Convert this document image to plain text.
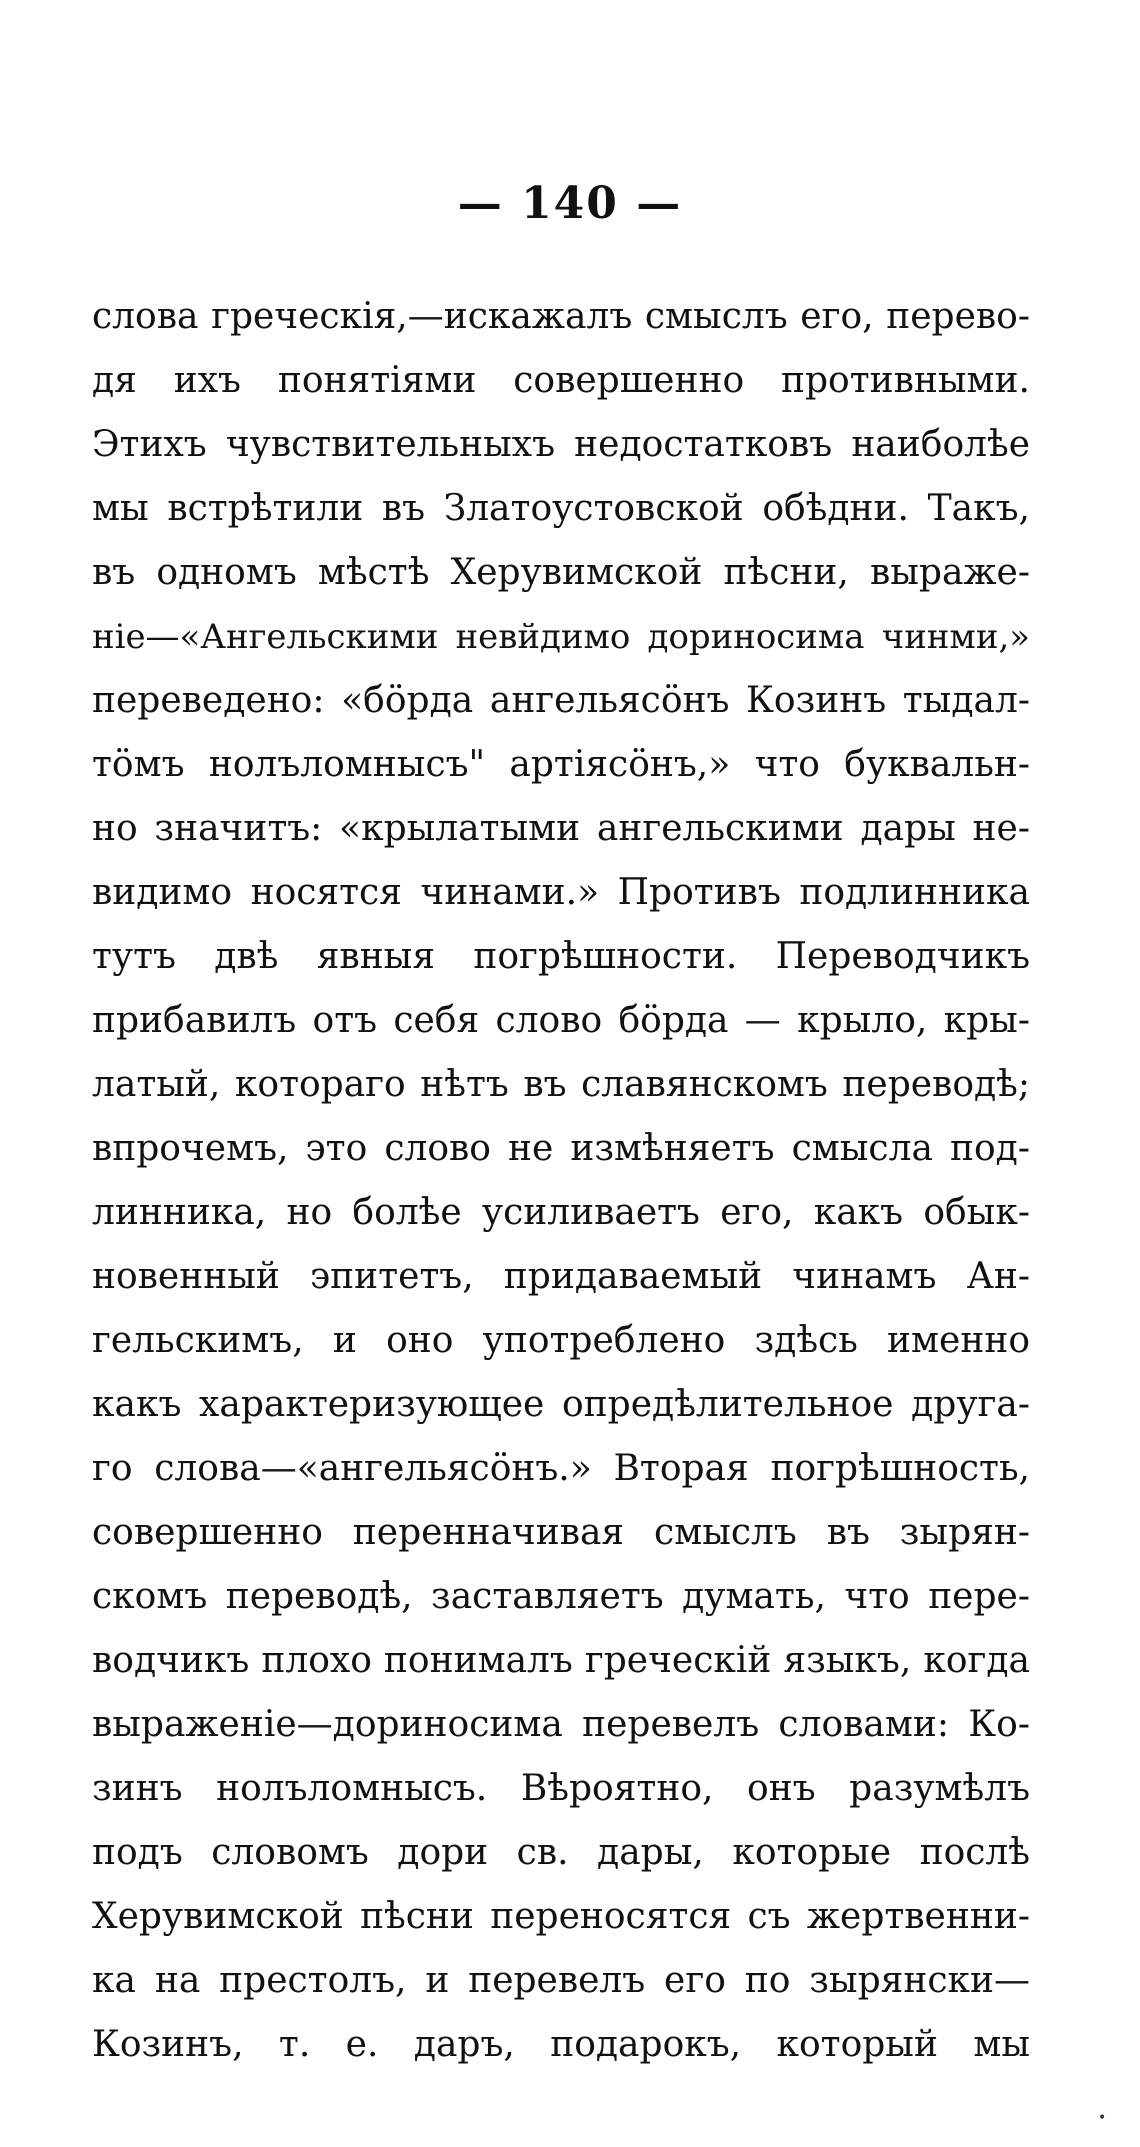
— 140 —
слова греческія,—искажалъ смыслъ его, перево-
дя ихъ понятіями совершенно противными.
Этихъ чувствительныхъ недостатковъ наиболѣе
мы встрѣтили въ Златоустовской обѣдни. Такъ,
въ одномъ мѣстѣ Херувимской пѣсни, выраже-
ніе—«Ангельскими невйдимо дориносима чинми,»
переведено: «бöрда ангельясöнъ Козинъ тыдал-
тöмъ нолъломнысъ" артіясöнъ,» что буквальн-
но значитъ: «крылатыми ангельскими дары не-
видимо носятся чинами.» Противъ подлинника
тутъ двѣ явныя погрѣшности. Переводчикъ
прибавилъ отъ себя слово бöрда — крыло, кры-
латый, котораго нѣтъ въ славянскомъ переводѣ;
впрочемъ, это слово не измѣняетъ смысла под-
линника, но болѣе усиливаетъ его, какъ обык-
новенный эпитетъ, придаваемый чинамъ Ан-
гельскимъ, и оно употреблено здѣсь именно
какъ характеризующее опредѣлительное друга-
го слова—«ангельясöнъ.» Вторая погрѣшность,
совершенно перенначивая смыслъ въ зырян-
скомъ переводѣ, заставляетъ думать, что пере-
водчикъ плохо понималъ греческій языкъ, когда
выраженіе—дориносима перевелъ словами: Ко-
зинъ нолъломнысъ. Вѣроятно, онъ разумѣлъ
подъ словомъ дори св. дары, которые послѣ
Херувимской пѣсни переносятся съ жертвенни-
ка на престолъ, и перевелъ его по зырянски—
Козинъ, т. е. даръ, подарокъ, который мы
•
